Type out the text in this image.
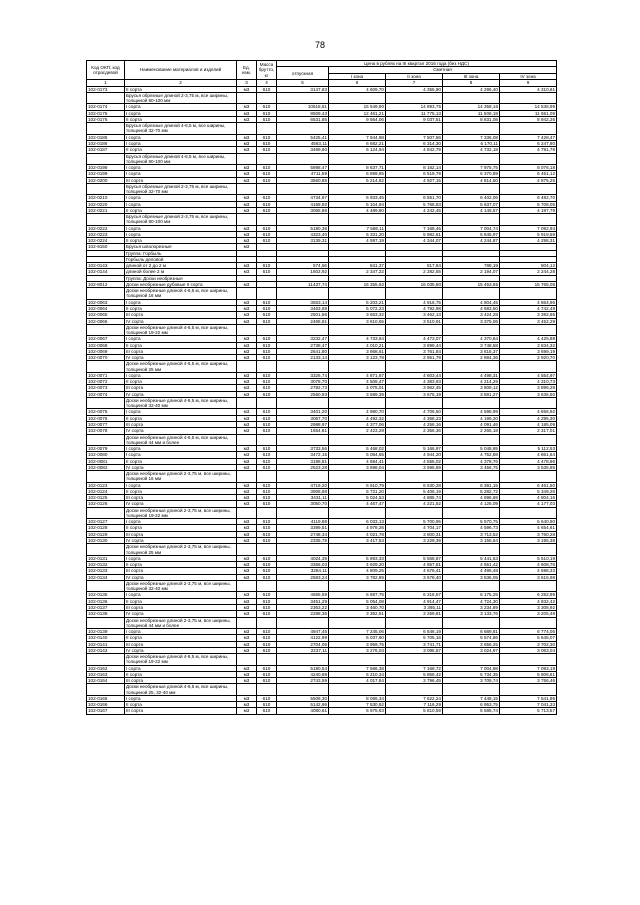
78
Код ОКП, код отрасдевой	Наименование материалов и изделий	Ед. изм.	Масса брутто, кг	Цена в рублях на III квартал 2016 года (без НДС)				
				отпускная	Сметная			
					I зона	II зона	III зона	IV зона
1	2	3	4	5	6	7	8	9
102-0173	II сорта	м3	610	3147,83	4 609,70	4 355,90	4 296,40	4 310,61
	Брусья обрезные длиной 2-3,75 м, все ширины, толщиной 80-100 мм							
102-0174	I сорта	м3	610	10618,61	15 549,90	14 893,75	14 358,16	14 536,99
102-0175	I сорта	м3	610	8509,43	12 461,21	11 775,13	11 506,18	11 651,09
102-0176	II сорта	м3	610	6531,85	9 564,06	9 037,51	8 831,08	8 942,26
	Брусья обрезные длиной 4-6,5 м, все ширины, толщиной 32-70 мм							
102-0185	I сорта	м3	610	5425,41	7 944,98	7 507,56	7 336,08	7 428,47
102-0186	I сорта	м3	610	4563,11	6 682,21	6 314,30	6 170,11	6 247,80
102-0187	II сорта	м3	610	3499,60	5 124,94	4 842,79	4 732,18	4 791,78
	Брусья обрезные длиной 4-6,5 м, все ширины, толщиной 80-100 мм							
102-0198	I сорта	м3	610	5898,47	8 637,71	8 162,14	7 975,75	8 076,18
102-0199	I сорта	м3	610	4711,59	6 899,65	6 519,79	6 370,89	6 451,12
102-0200	III сорта	м3	610	3560,85	5 214,62	4 927,15	4 814,50	4 875,25
	Брусья обрезные длиной 2-3,75 м, все ширины, толщиной 32-70 мм							
102-0210	I сорта	м3	610	4734,67	6 933,45	6 551,70	6 402,06	6 482,70
102-0220	I сорта	м3	610	4168,92	6 104,94	5 768,83	5 637,07	5 708,05
102-0221	II сорта	м3	610	3065,86	4 489,80	4 242,45	4 145,57	4 197,79
	Брусья обрезные длиной 2-3,75 м, все ширины, толщиной 80-100 мм							
102-0222	I сорта	м3	610	5180,36	7 586,11	7 168,45	7 004,74	7 092,94
102-0223	I сорта	м3	610	4323,40	6 331,20	5 982,61	5 845,97	5 919,59
102-0224	II сорта	м3	610	3139,31	4 597,19	4 344,07	4 244,87	4 298,31
102-9150	Брусья шпалорезные	м3						
	Группа: Горбыль							
	Горбыль деловой							
102-0143	длиной от 2 до 2 м	м3	610	574,56	841,37	817,84	788,19	804,12
102-0144	длиной более 2 м	м3	610	1602,92	2 347,22	2 282,55	2 194,07	2 244,28
	Группа: Доски необрезные							
102-8012	Доски необрезные дубовые II сорта	м3		11437,74	16 355,92	16 035,80	15 453,65	15 765,08
	Доски необрезные длиной 4-6,5 м, все ширины, толщиной 16 мм							
102-0063	I сорта	м3	610	3553,14	5 203,21	4 916,75	4 804,45	4 864,96
102-0064	II сорта	м3	610	3463,69	5 072,23	4 792,98	4 683,50	4 742,49
102-0065	III сорта	м3	610	2501,56	3 663,32	3 462,13	3 424,28	3 392,65
102-0066	IV сорта	м3	610	2465,61	3 610,65	3 510,91	3 375,06	3 452,29
	Доски необрезные длиной 4-6,5 м, все ширины, толщиной 19-22 мм							
102-0067	I сорта	м3	610	3232,47	4 733,64	4 473,07	4 370,84	4 425,88
102-0068	II сорта	м3	610	2738,47	4 010,21	3 899,44	3 748,58	3 834,32
102-0069	III сорта	м3	610	2641,80	3 868,61	3 761,84	3 616,37	3 699,19
102-0070	IV сорта	м3	610	2133,14	3 123,78	2 951,79	2 884,36	2 920,70
	Доски необрезные длиной 4-6,5 м, все ширины, толщиной 25 мм							
102-0071	I сорта	м3	610	3326,74	4 871,67	4 603,44	4 498,31	4 554,97
102-0072	II сорта	м3	610	3078,70	4 508,47	4 383,93	4 214,29	4 310,73
102-0073	III сорта	м3	610	2782,73	4 075,01	3 962,45	3 809,12	3 896,29
102-0074	IV сорта	м3	610	2560,93	3 589,39	3 675,19	3 591,27	3 636,50
	Доски необрезные длиной 4-6,5 м, все ширины, толщиной 32-40 мм							
102-0075	I сорта	м3	610	3401,20	4 980,70	4 706,50	4 598,99	4 656,92
102-0076	II сорта	м3	610	3067,70	4 492,32	4 368,23	4 199,20	4 295,30
102-0077	III сорта	м3	610	2988,97	4 377,06	4 256,16	4 091,46	4 185,09
102-0078	IV сорта	м3	610	1654,81	2 423,29	2 356,36	2 265,18	2 317,01
	Доски необрезные длиной 4-6,5 м, все ширины, толщиной 44 мм и более							
102-0079	I сорта	м3	610	3733,56	5 468,02	5 166,97	5 048,95	5 112,53
102-0080	I сорта	м3	610	3472,15	5 084,65	4 944,20	4 752,88	4 861,64
102-0081	II сорта	м3	610	3198,81	4 684,41	4 555,02	4 378,76	4 478,96
102-0082	IV сорта	м3	610	2523,28	3 698,04	3 595,89	3 456,75	3 535,85
	Доски необрезные длиной 2-3,75 м, все ширины, толщиной 16 мм							
102-0123	I сорта	м3	610	4719,20	6 910,79	6 530,28	6 381,15	6 461,50
102-0124	II сорта	м3	610	3908,88	5 721,20	5 406,19	5 282,72	5 349,26
102-0125	III сорта	м3	610	3431,11	5 024,53	4 885,74	4 696,68	4 804,16
102-0126	IV сорта	м3	610	3050,70	4 467,47	4 221,52	4 125,09	4 177,03
	Доски необрезные длиной 2-3,75 м, все ширины, толщиной 19-22 мм							
102-0127	I сорта	м3	610	4119,86	6 033,13	5 700,95	5 570,75	5 640,90
102-0128	II сорта	м3	610	3399,51	4 978,26	4 704,17	4 596,73	4 654,61
102-0129	III сорта	м3	610	2748,34	4 021,78	3 800,31	3 713,52	3 760,28
102-0130	IV сорта	м3	610	2335,75	3 417,53	3 229,39	3 155,64	3 195,38
	Доски необрезные длиной 2-3,75 м, все ширины, толщиной 25 мм							
102-0131	I сорта	м3	610	4024,39	5 893,33	5 568,87	5 441,63	5 510,19
102-0132	II сорта	м3	610	3366,03	4 929,20	4 657,81	4 551,42	4 608,76
102-0133	III сорта	м3	610	3284,11	4 809,25	4 676,41	4 495,48	4 598,33
102-0134	IV сорта	м3	610	2583,24	3 782,89	3 678,40	3 536,05	3 616,98
	Доски необрезные длиной 2-3,75 м, все ширины, толщиной 32-40 мм							
102-0135	I сорта	м3	610	4565,59	6 687,75	6 316,57	6 175,25	6 252,99
102-0136	II сорта	м3	610	3451,29	5 054,08	4 914,47	4 724,30	4 832,42
102-0137	III сорта	м3	610	2363,22	3 460,70	3 365,11	3 234,89	3 308,92
102-0138	IV сорта	м3	610	2288,36	3 352,51	3 259,81	3 133,76	3 205,48
	Доски необрезные длиной 2-3,75 м, все ширины, толщиной 44 мм и более							
102-0139	I сорта	м3	610	4947,45	7 245,06	6 846,19	6 689,81	6 774,05
102-0140	II сорта	м3	610	4122,99	6 037,60	5 705,16	5 574,86	5 645,07
102-0141	III сорта	м3	610	2704,06	3 959,75	3 741,71	3 656,25	3 702,30
102-0142	IV сорта	м3	610	2237,11	3 276,03	3 095,87	3 024,97	3 063,04
	Доски необрезные длиной 4-6,5 м, все ширины, толщиной 19-22 мм							
102-0162	I сорта	м3	610	5180,54	7 586,38	7 168,72	7 004,98	7 093,19
102-0163	II сорта	м3	610	4240,88	6 210,34	5 868,42	5 734,35	5 806,61
102-0164	III сорта	м3	610	2743,59	4 017,84	3 796,45	3 709,74	3 756,46
	Доски необрезные длиной 4-6,5 м, все ширины, толщиной 25, 32-40 мм							
102-0165	I сорта	м3	610	5508,30	8 066,34	7 622,24	7 448,15	7 541,95
102-0166	II сорта	м3	610	5142,66	7 530,92	7 116,29	6 953,75	7 041,33
102-0167	III сорта	м3	610	4080,61	5 975,63	5 810,59	5 585,74	5 713,57
